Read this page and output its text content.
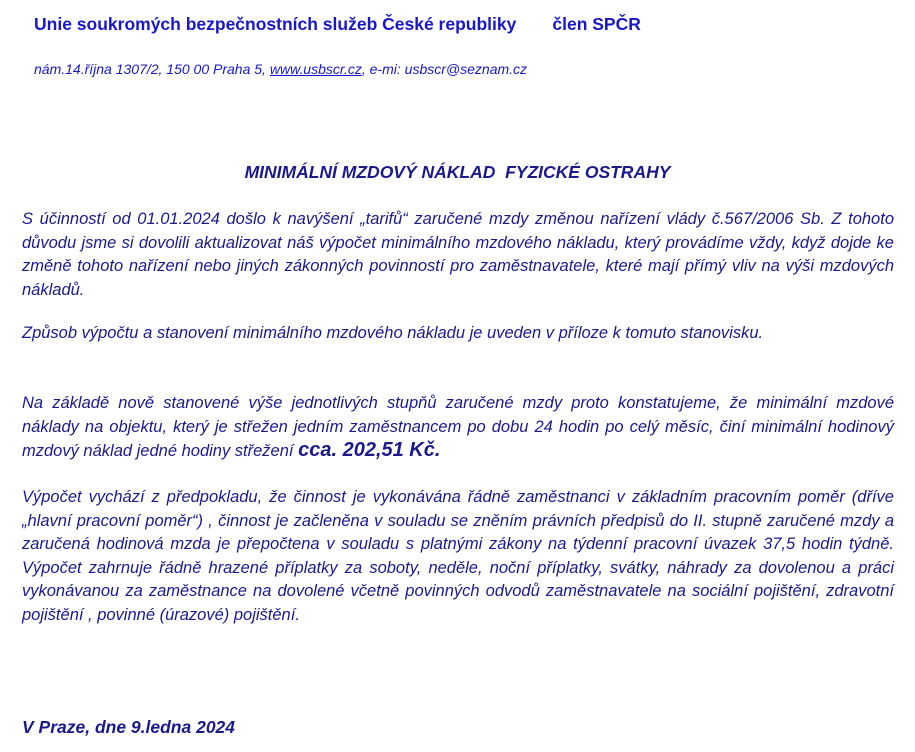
Unie soukromých bezpečnostních služeb České republiky člen SPČR
nám.14.října 1307/2, 150 00 Praha 5, www.usbscr.cz, e-mi: usbscr@seznam.cz
MINIMÁLNÍ MZDOVÝ NÁKLAD  FYZICKÉ OSTRAHY
S účinností od 01.01.2024 došlo k navýšení „tarifů“ zaručené mzdy změnou nařízení vlády č.567/2006 Sb. Z tohoto důvodu jsme si dovolili aktualizovat náš výpočet minimálního mzdového nákladu, který provádíme vždy, když dojde ke změně tohoto nařízení nebo jiných zákonných povinností pro zaměstnavatele, které mají přímý vliv na výši mzdových nákladů.
Způsob výpočtu a stanovení minimálního mzdového nákladu je uveden v příloze k tomuto stanovisku.
Na základě nově stanovené výše jednotlivých stupňů zaručené mzdy proto konstatujeme, že minimální mzdové náklady na objektu, který je střežen jedním zaměstnancem po dobu 24 hodin po celý měsíc, činí minimální hodinový mzdový náklad jedné hodiny střežení cca. 202,51 Kč.
Výpočet vychází z předpokladu, že činnost je vykonávána řádně zaměstnanci v základním pracovním poměr (dříve „hlavní pracovní poměr“) , činnost je začleněna v souladu se zněním právních předpisů do II. stupně zaručené mzdy a zaručená hodinová mzda je přepočtena v souladu s platnými zákony na týdenní pracovní úvazek 37,5 hodin týdně. Výpočet zahrnuje řádně hrazené příplatky za soboty, neděle, noční příplatky, svátky, náhrady za dovolenou a práci vykonávanou za zaměstnance na dovolené včetně povinných odvodů zaměstnavatele na sociální pojištění, zdravotní pojištění , povinné (úrazové) pojištění.
V Praze, dne 9.ledna 2024
